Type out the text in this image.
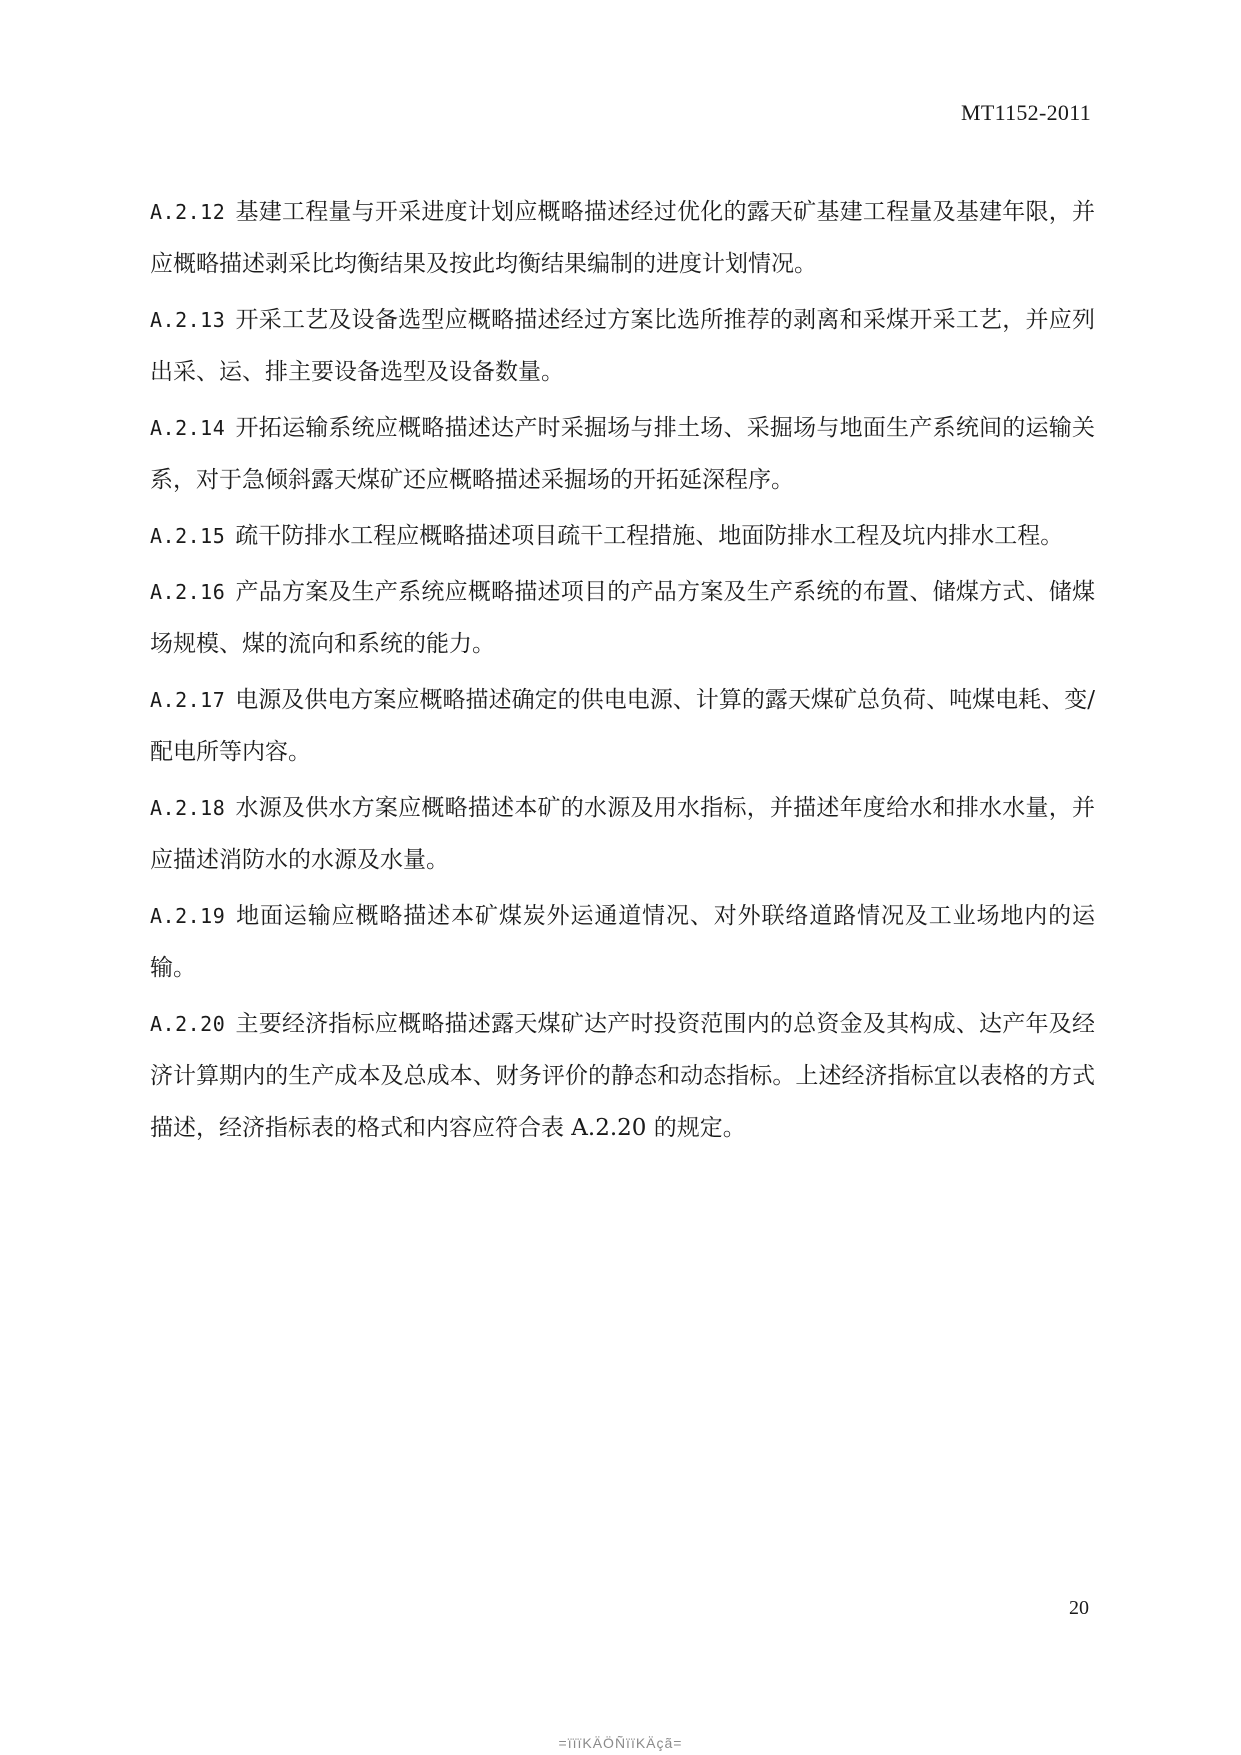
MT1152-2011

A.2.12 基建工程量与开采进度计划应概略描述经过优化的露天矿基建工程量及基建年限，并应概略描述剥采比均衡结果及按此均衡结果编制的进度计划情况。

A.2.13 开采工艺及设备选型应概略描述经过方案比选所推荐的剥离和采煤开采工艺，并应列出采、运、排主要设备选型及设备数量。

A.2.14 开拓运输系统应概略描述达产时采掘场与排土场、采掘场与地面生产系统间的运输关系，对于急倾斜露天煤矿还应概略描述采掘场的开拓延深程序。

A.2.15 疏干防排水工程应概略描述项目疏干工程措施、地面防排水工程及坑内排水工程。

A.2.16 产品方案及生产系统应概略描述项目的产品方案及生产系统的布置、储煤方式、储煤场规模、煤的流向和系统的能力。

A.2.17 电源及供电方案应概略描述确定的供电电源、计算的露天煤矿总负荷、吨煤电耗、变/配电所等内容。

A.2.18 水源及供水方案应概略描述本矿的水源及用水指标，并描述年度给水和排水水量，并应描述消防水的水源及水量。

A.2.19 地面运输应概略描述本矿煤炭外运通道情况、对外联络道路情况及工业场地内的运输。

A.2.20 主要经济指标应概略描述露天煤矿达产时投资范围内的总资金及其构成、达产年及经济计算期内的生产成本及总成本、财务评价的静态和动态指标。上述经济指标宜以表格的方式描述，经济指标表的格式和内容应符合表 A.2.20 的规定。

20
=ïïïKÄÖÑïïKÄçã=
